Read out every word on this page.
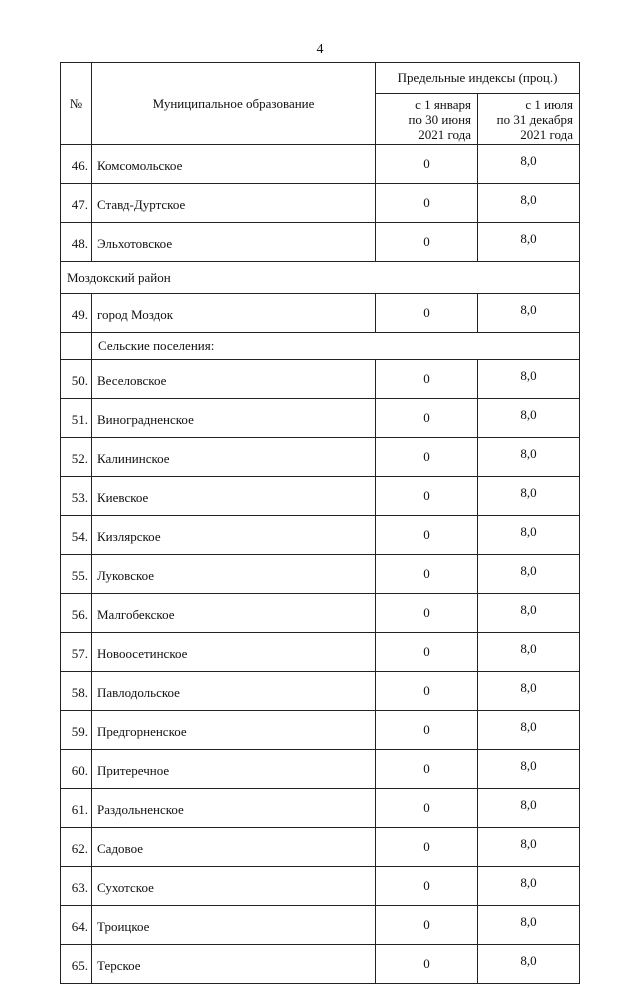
4
№	Муниципальное образование	Предельные индексы (проц.)	

		с 1 января
по 30 июня
2021 года	с 1 июля
по 31 декабря
2021 года

46.	Комсомольское	0	8,0
47.	Ставд-Дуртское	0	8,0
48.	Эльхотовское	0	8,0
Моздокский район			
49.	город Моздок	0	8,0
	Сельские поселения:		
50.	Веселовское	0	8,0
51.	Виноградненское	0	8,0
52.	Калининское	0	8,0
53.	Киевское	0	8,0
54.	Кизлярское	0	8,0
55.	Луковское	0	8,0
56.	Малгобекское	0	8,0
57.	Новоосетинское	0	8,0
58.	Павлодольское	0	8,0
59.	Предгорненское	0	8,0
60.	Притеречное	0	8,0
61.	Раздольненское	0	8,0
62.	Садовое	0	8,0
63.	Сухотское	0	8,0
64.	Троицкое	0	8,0
65.	Терское	0	8,0
